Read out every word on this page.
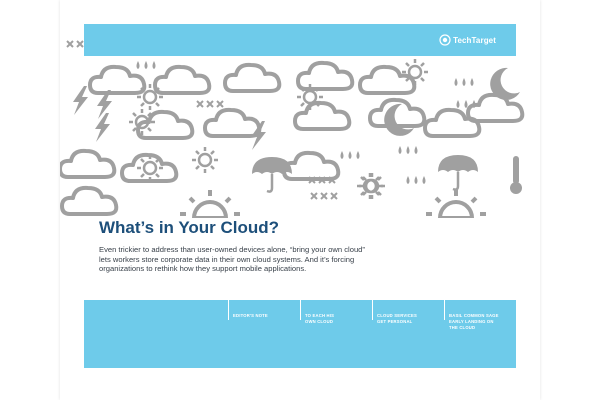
TechTarget
What’s in Your Cloud?

Even trickier to address than user-owned devices alone, “bring your own cloud”
lets workers store corporate data in their own cloud systems. And it’s forcing
organizations to rethink how they support mobile applications.

EDITOR'S NOTE	TO EACH HIS
OWN CLOUD
CLOUD SERVICES
GET PERSONAL
BASIL COMMON SAGE
EARLY LANDING ON
THE CLOUD
